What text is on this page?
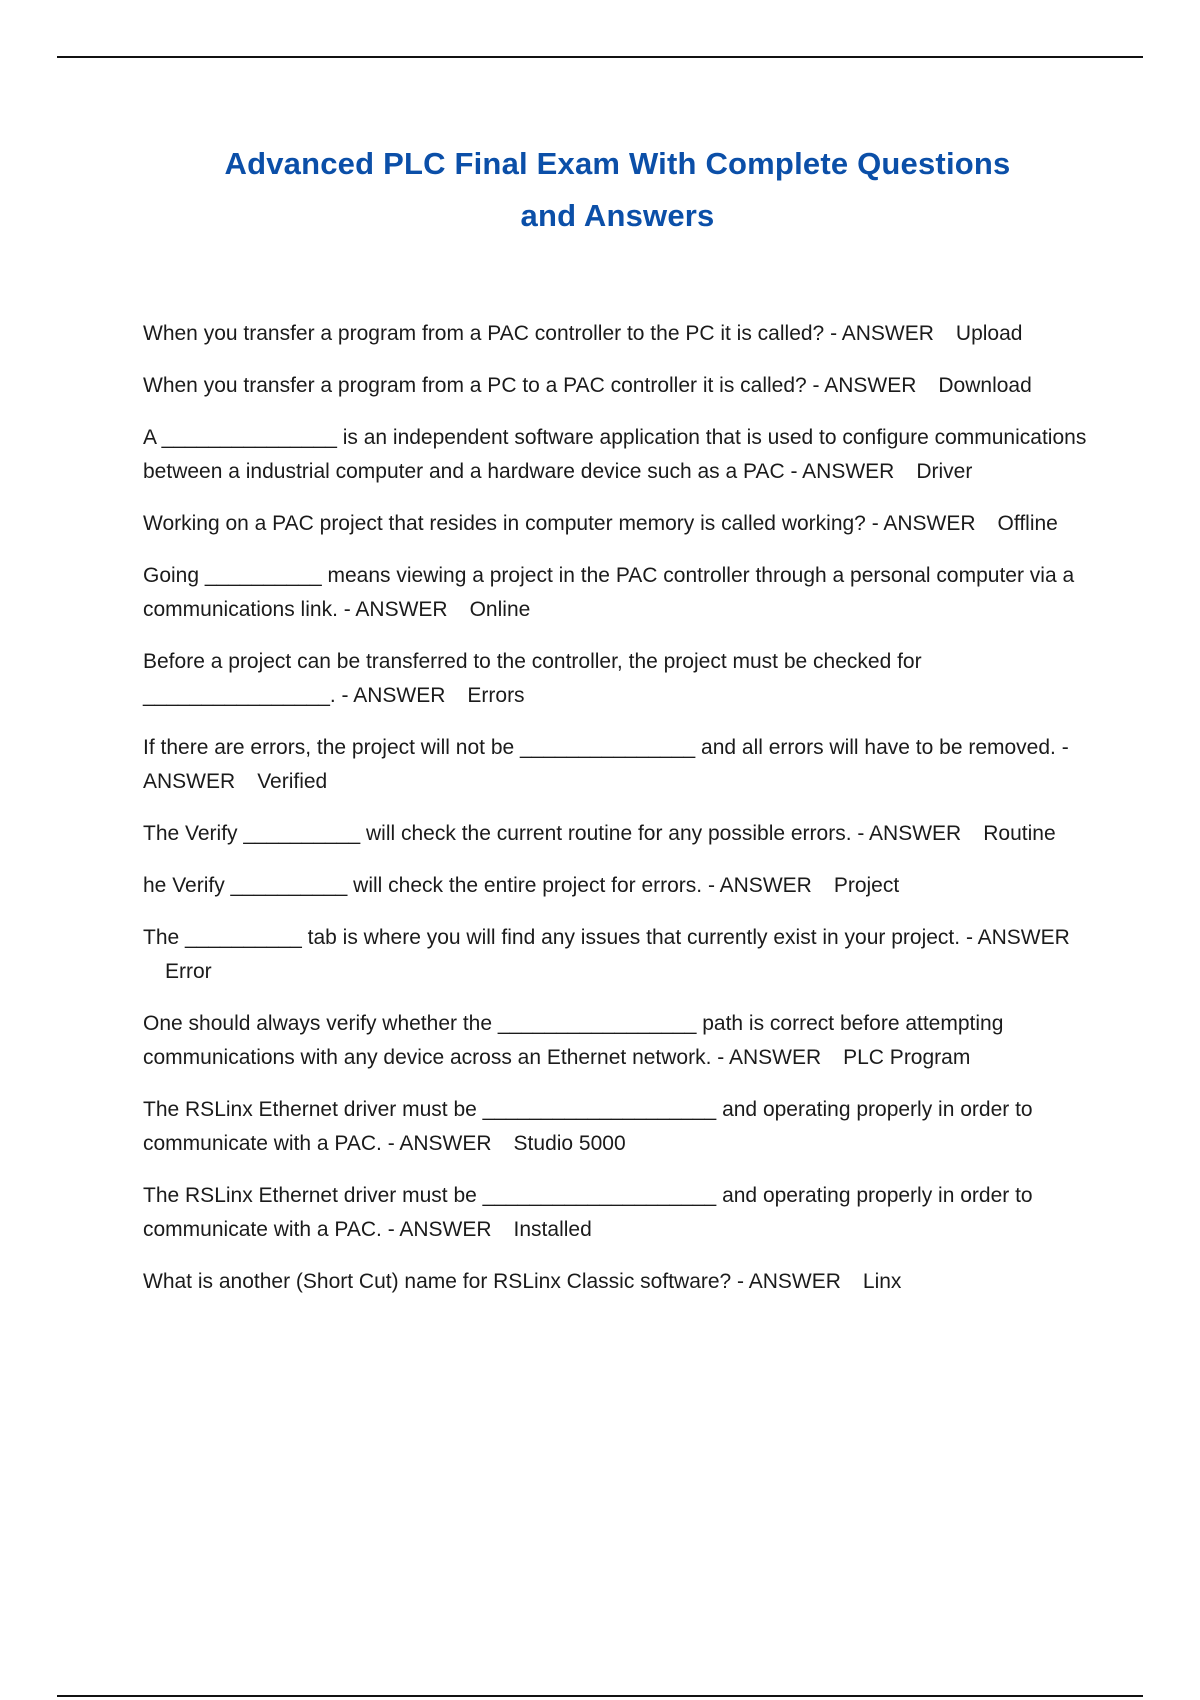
Advanced PLC Final Exam With Complete Questions
and Answers
When you transfer a program from a PAC controller to the PC it is called? - ANSWER Upload
When you transfer a program from a PC to a PAC controller it is called? - ANSWER Download
A _______________ is an independent software application that is used to configure communications between a industrial computer and a hardware device such as a PAC - ANSWER Driver
Working on a PAC project that resides in computer memory is called working? - ANSWER Offline
Going __________ means viewing a project in the PAC controller through a personal computer via a communications link. - ANSWER Online
Before a project can be transferred to the controller, the project must be checked for ________________. - ANSWER Errors
If there are errors, the project will not be _______________ and all errors will have to be removed. - ANSWER Verified
The Verify __________ will check the current routine for any possible errors. - ANSWER Routine
he Verify __________ will check the entire project for errors. - ANSWER Project
The __________ tab is where you will find any issues that currently exist in your project. - ANSWERError
One should always verify whether the _________________ path is correct before attempting communications with any device across an Ethernet network. - ANSWER PLC Program
The RSLinx Ethernet driver must be ____________________ and operating properly in order to communicate with a PAC. - ANSWER Studio 5000
The RSLinx Ethernet driver must be ____________________ and operating properly in order to communicate with a PAC. - ANSWER Installed
What is another (Short Cut) name for RSLinx Classic software? - ANSWER Linx
